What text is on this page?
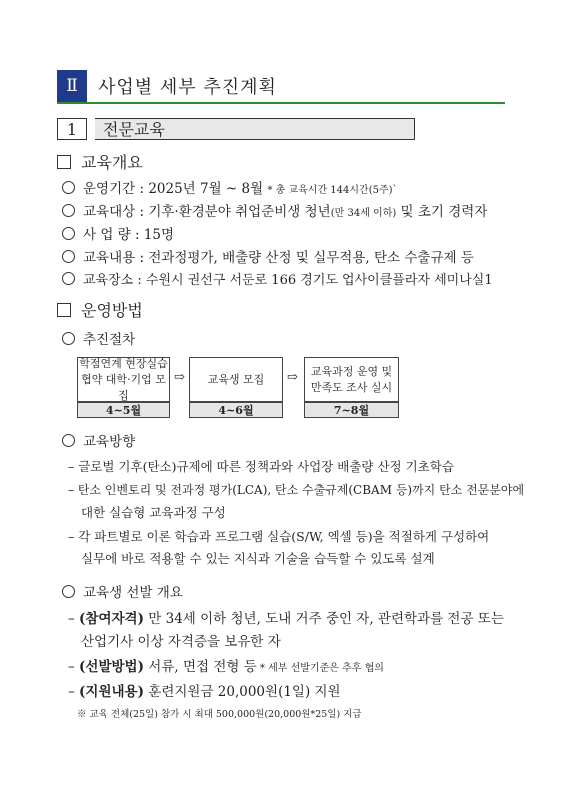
Ⅱ	사업별 세부 추진계획
1	전문교육
교육개요
운영기간 : 2025년 7월 ~ 8월 * 총 교육시간 144시간(5주)`
교육대상 : 기후·환경분야 취업준비생 청년(만 34세 이하) 및 초기 경력자
사 업 량 : 15명
교육내용 : 전과정평가, 배출량 산정 및 실무적용, 탄소 수출규제 등
교육장소 : 수원시 권선구 서둔로 166 경기도 업사이클플라자 세미나실1
운영방법
추진절차
학점연계 현장실습
협약 대학·기업 모집
4~5월
⇨ 교육생 모집
4~6월
⇨ 교육과정 운영 및
만족도 조사 실시
7~8월
교육방향
– 글로벌 기후(탄소)규제에 따른 정책과와 사업장 배출량 산정 기초학습
– 탄소 인벤토리 및 전과정 평가(LCA), 탄소 수출규제(CBAM 등)까지 탄소 전문분야에
대한 실습형 교육과정 구성
– 각 파트별로 이론 학습과 프로그램 실습(S/W, 엑셀 등)을 적절하게 구성하여
실무에 바로 적용할 수 있는 지식과 기술을 습득할 수 있도록 설계
교육생 선발 개요
– (참여자격) 만 34세 이하 청년, 도내 거주 중인 자, 관련학과를 전공 또는
산업기사 이상 자격증을 보유한 자
– (선발방법) 서류, 면접 전형 등 * 세부 선발기준은 추후 협의
– (지원내용) 훈련지원금 20,000원(1일) 지원
※ 교육 전체(25일) 참가 시 최대 500,000원(20,000원*25일) 지급
